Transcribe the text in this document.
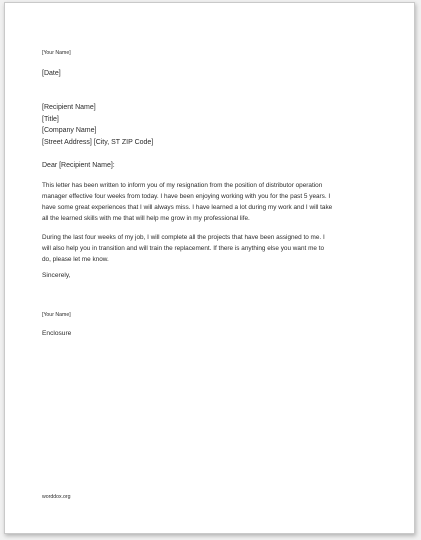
[Your Name]
[Date]
[Recipient Name]
[Title]
[Company Name]
[Street Address] [City, ST ZIP Code]
Dear [Recipient Name]:
This letter has been written to inform you of my resignation from the position of distributor operation
manager effective four weeks from today. I have been enjoying working with you for the past 5 years. I
have some great experiences that I will always miss. I have learned a lot during my work and I will take
all the learned skills with me that will help me grow in my professional life.
During the last four weeks of my job, I will complete all the projects that have been assigned to me. I
will also help you in transition and will train the replacement. If there is anything else you want me to
do, please let me know.
Sincerely,
[Your Name]
Enclosure
worddox.org
